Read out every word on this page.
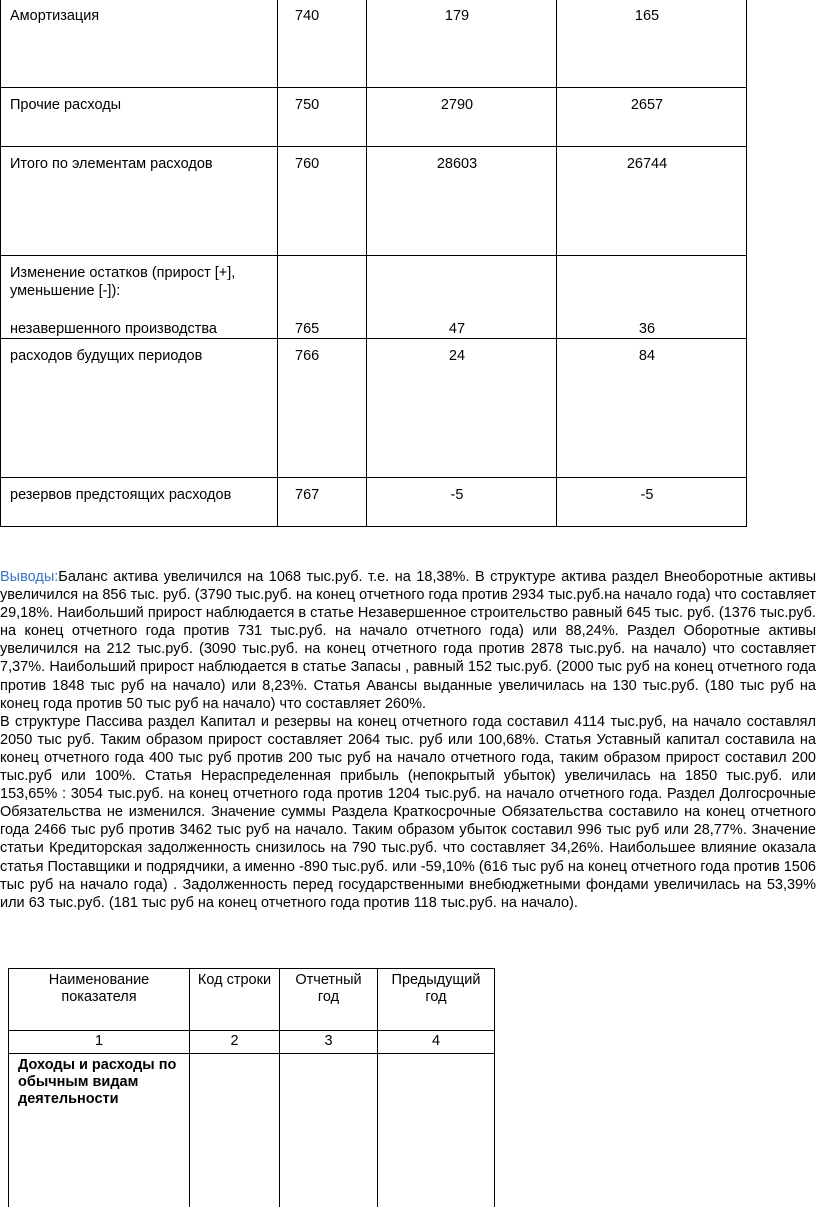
Амортизация	740	179	165
Прочие расходы	750	2790	2657
Итого по элементам расходов	760	28603	26744
Изменение остатков (прирост [+], уменьшение [-]):
незавершенного производства	765	47	36

расходов будущих периодов	766	24	84
резервов предстоящих расходов	767	-5	-5

Выводы:Баланс актива увеличился на 1068 тыс.руб. т.е. на 18,38%. В структуре актива раздел Внеоборотные активы увеличился на 856 тыс. руб. (3790 тыс.руб. на конец отчетного года против 2934 тыс.руб.на начало года) что составляет 29,18%. Наибольший прирост наблюдается в статье Незавершенное строительство равный 645 тыс. руб. (1376 тыс.руб. на конец отчетного года против 731 тыс.руб. на начало отчетного года) или 88,24%. Раздел Оборотные активы увеличился на 212 тыс.руб. (3090 тыс.руб. на конец отчетного года против 2878 тыс.руб. на начало) что составляет 7,37%. Наибольший прирост наблюдается в статье Запасы , равный 152 тыс.руб. (2000 тыс руб на конец отчетного года против 1848 тыс руб на начало) или 8,23%. Статья Авансы выданные увеличилась на 130 тыс.руб. (180 тыс руб на конец года против 50 тыс руб на начало) что составляет 260%.

В структуре Пассива раздел Капитал и резервы на конец отчетного года составил 4114 тыс.руб, на начало составлял 2050 тыс руб. Таким образом прирост составляет 2064 тыс. руб или 100,68%. Статья Уставный капитал составила на конец отчетного года 400 тыс руб против 200 тыс руб на начало отчетного года, таким образом прирост составил 200 тыс.руб или 100%. Статья Нераспределенная прибыль (непокрытый убыток) увеличилась на 1850 тыс.руб. или 153,65% : 3054 тыс.руб. на конец отчетного года против 1204 тыс.руб. на начало отчетного года. Раздел Долгосрочные Обязательства не изменился. Значение суммы Раздела Краткосрочные Обязательства составило на конец отчетного года 2466 тыс руб против 3462 тыс руб на начало. Таким образом убыток составил 996 тыс руб или 28,77%. Значение статьи Кредиторская задолженность снизилось на 790 тыс.руб. что составляет 34,26%. Наибольшее влияние оказала статья Поставщики и подрядчики, а именно -890 тыс.руб. или -59,10% (616 тыс руб на конец отчетного года против 1506 тыс руб на начало года) . Задолженность перед государственными внебюджетными фондами увеличилась на 53,39% или 63 тыс.руб. (181 тыс руб на конец отчетного года против 118 тыс.руб. на начало).

Наименование показателя	Код строки	Отчетный год	Предыдущий год
1	2	3	4
Доходы и расходы по обычным видам деятельности			
